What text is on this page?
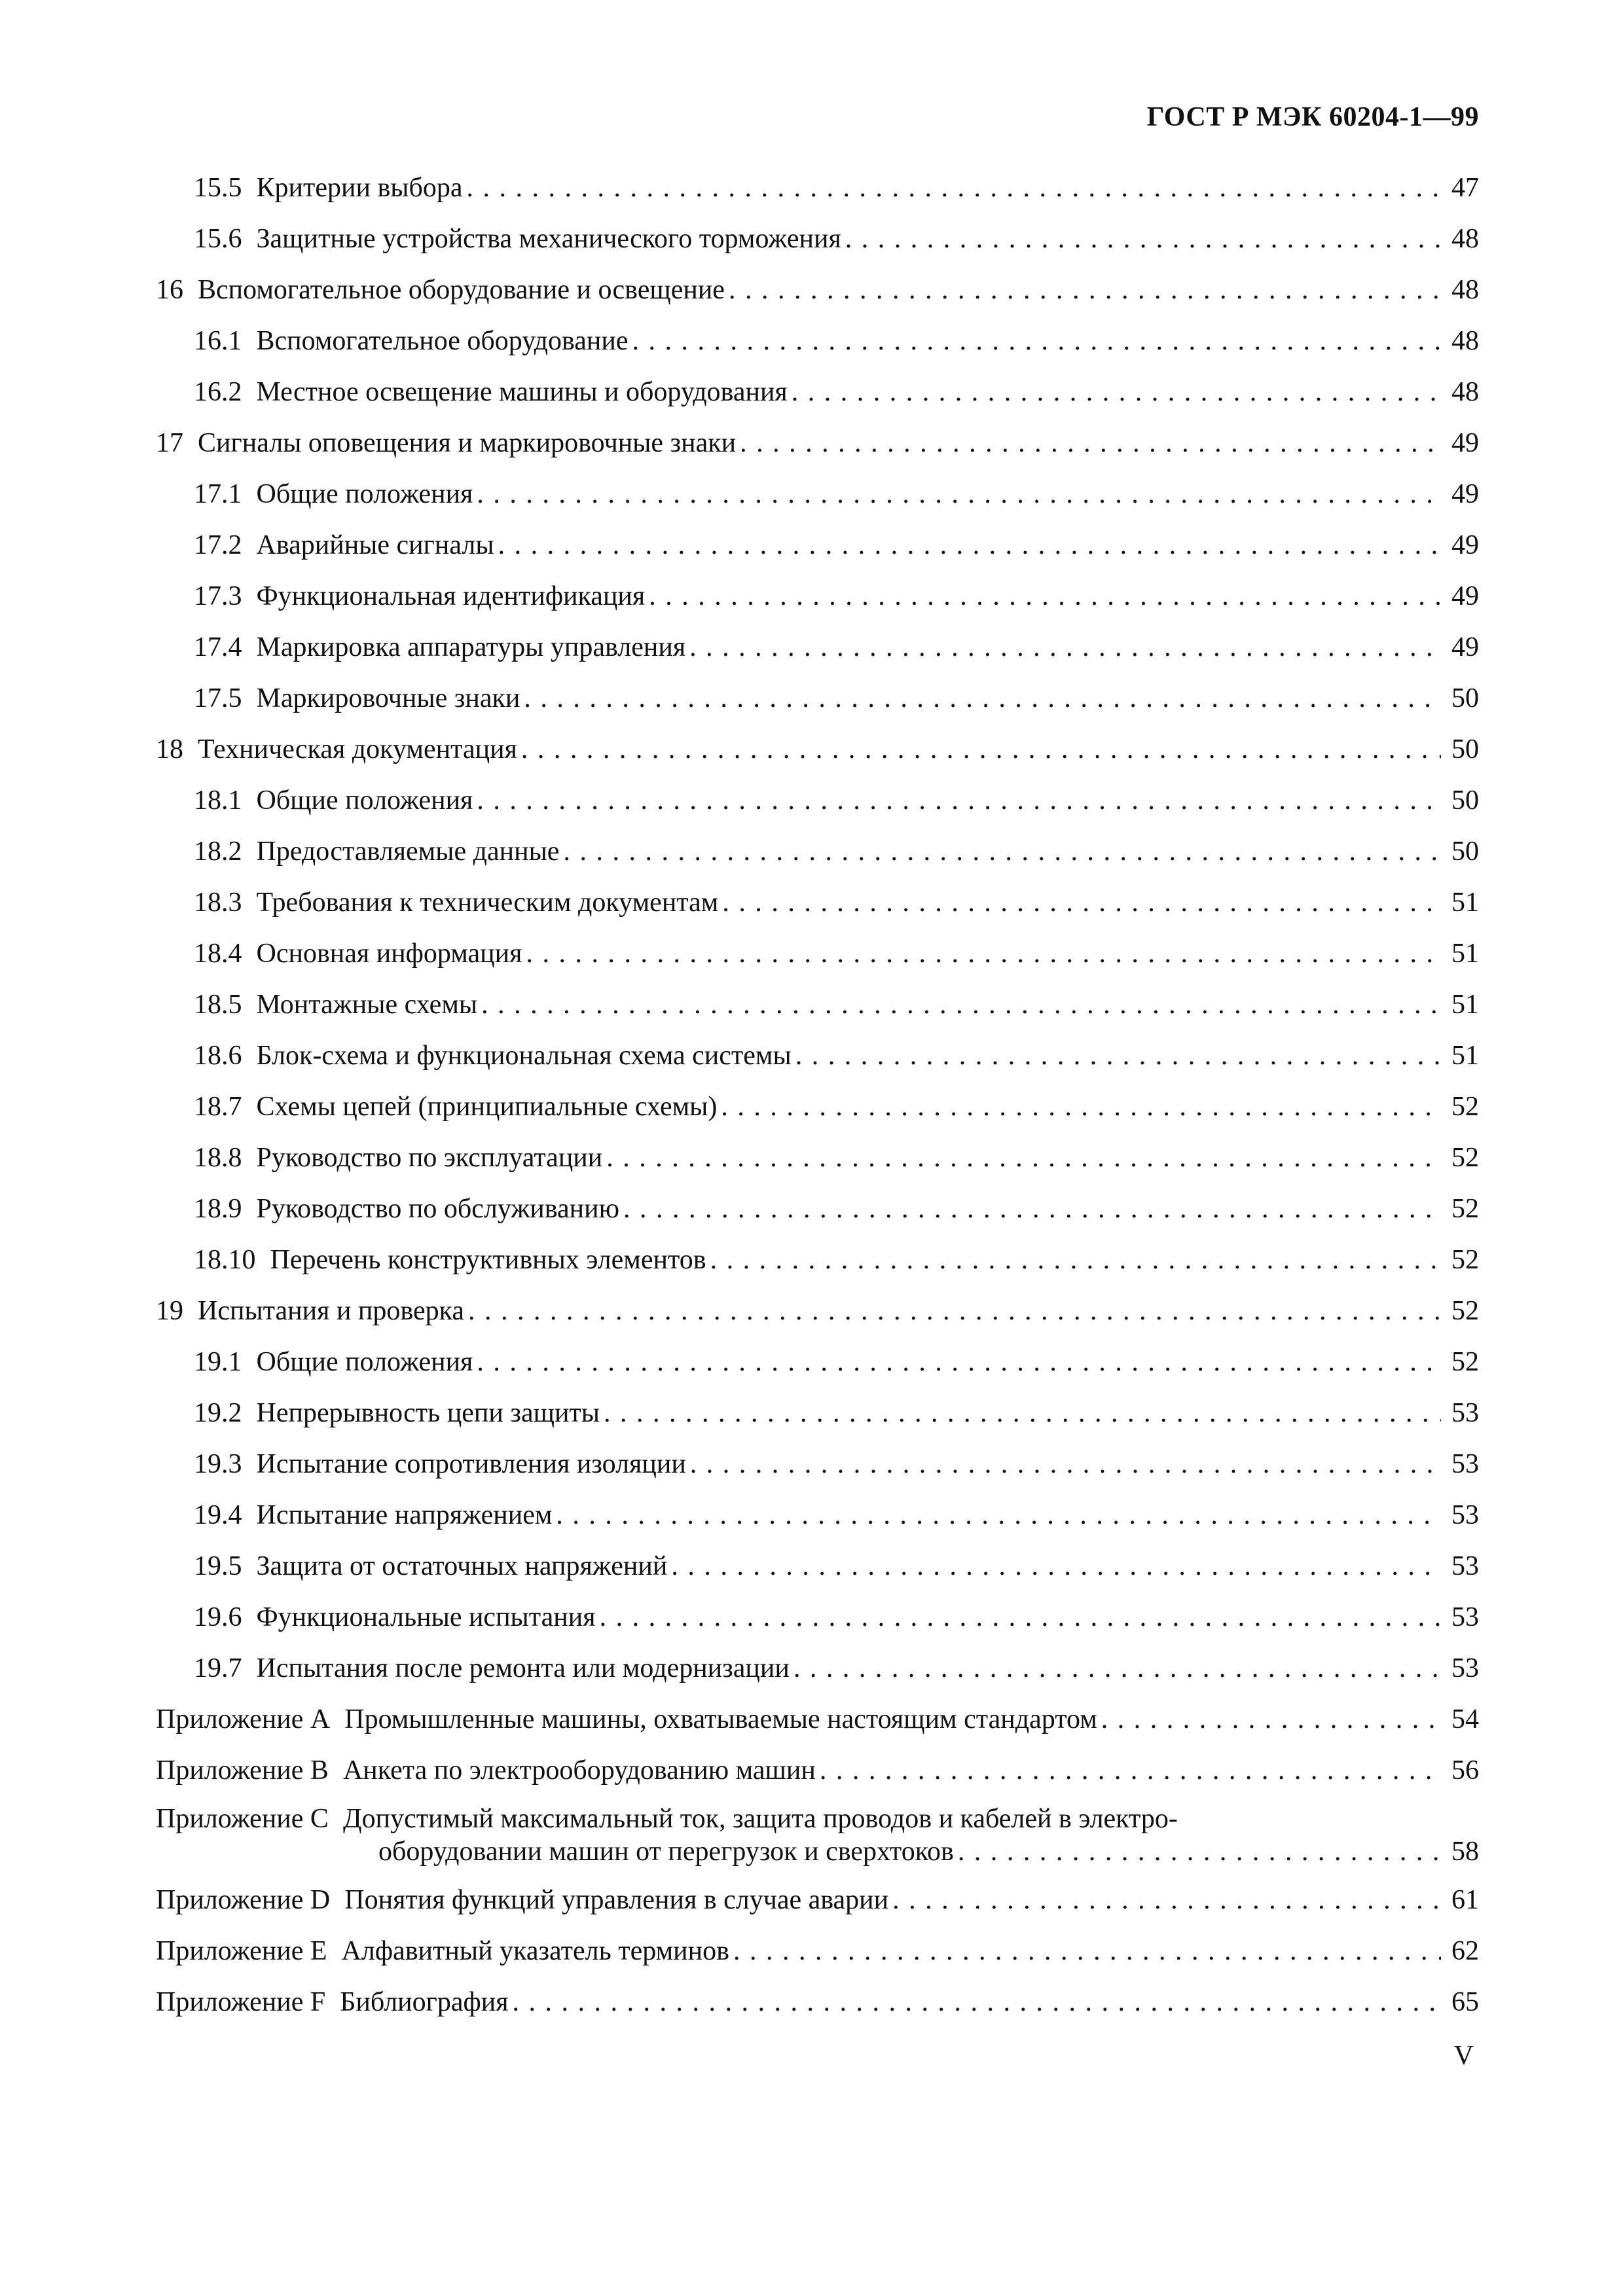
ГОСТ Р МЭК 60204-1—99
15.5 Критерии выбора . . .	47
15.6 Защитные устройства механического торможения . . .	48
16 Вспомогательное оборудование и освещение . . .	48
16.1 Вспомогательное оборудование . . .	48
16.2 Местное освещение машины и оборудования . . .	48
17 Сигналы оповещения и маркировочные знаки . . .	49
17.1 Общие положения . . .	49
17.2 Аварийные сигналы . . .	49
17.3 Функциональная идентификация . . .	49
17.4 Маркировка аппаратуры управления . . .	49
17.5 Маркировочные знаки . . .	50
18 Техническая документация . . .	50
18.1 Общие положения . . .	50
18.2 Предоставляемые данные . . .	50
18.3 Требования к техническим документам . . .	51
18.4 Основная информация . . .	51
18.5 Монтажные схемы . . .	51
18.6 Блок-схема и функциональная схема системы . . .	51
18.7 Схемы цепей (принципиальные схемы) . . .	52
18.8 Руководство по эксплуатации . . .	52
18.9 Руководство по обслуживанию . . .	52
18.10 Перечень конструктивных элементов . . .	52
19 Испытания и проверка . . .	52
19.1 Общие положения . . .	52
19.2 Непрерывность цепи защиты . . .	53
19.3 Испытание сопротивления изоляции . . .	53
19.4 Испытание напряжением . . .	53
19.5 Защита от остаточных напряжений . . .	53
19.6 Функциональные испытания . . .	53
19.7 Испытания после ремонта или модернизации . . .	53
Приложение А Промышленные машины, охватываемые настоящим стандартом . . .	54
Приложение В Анкета по электрооборудованию машин . . .	56
Приложение С Допустимый максимальный ток, защита проводов и кабелей в электро-
оборудовании машин от перегрузок и сверхтоков . . .	58
Приложение D Понятия функций управления в случае аварии . . .	61
Приложение Е Алфавитный указатель терминов . . .	62
Приложение F Библиография . . .	65
V
